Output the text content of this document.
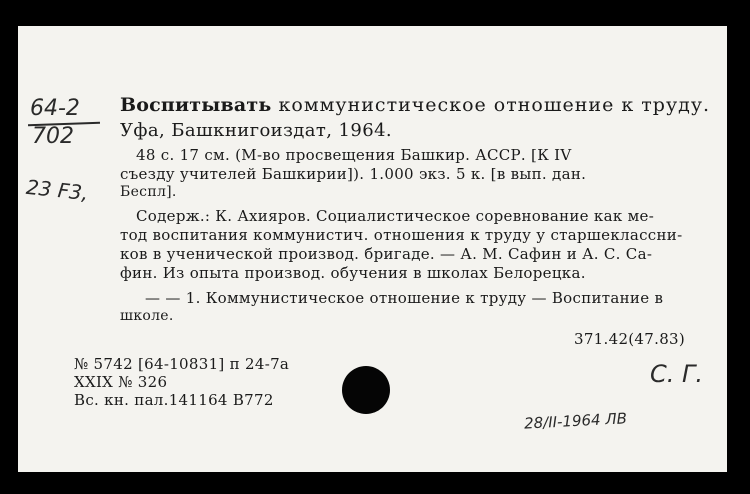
64-2
702
23 F3,
Воспитывать коммунистическое отношение к труду.
Уфа, Башкнигоиздат, 1964.
48 с. 17 см. (М-во просвещения Башкир. АССР. [К IV
съезду учителей Башкирии]). 1.000 экз. 5 к. [в вып. дан.
Беспл].
Содерж.: К. Ахияров. Социалистическое соревнование как ме-
тод воспитания коммунистич. отношения к труду у старшеклассни-
ков в ученической производ. бригаде. — А. М. Сафин и А. С. Са-
фин. Из опыта производ. обучения в школах Белорецка.
— — 1. Коммунистическое отношение к труду — Воспитание в
школе.
371.42(47.83)
№ 5742 [64-10831] п 24-7а
XXIX № 326
Вс. кн. пал.141164 В772
С. Г.
28/II-1964 ЛВ
